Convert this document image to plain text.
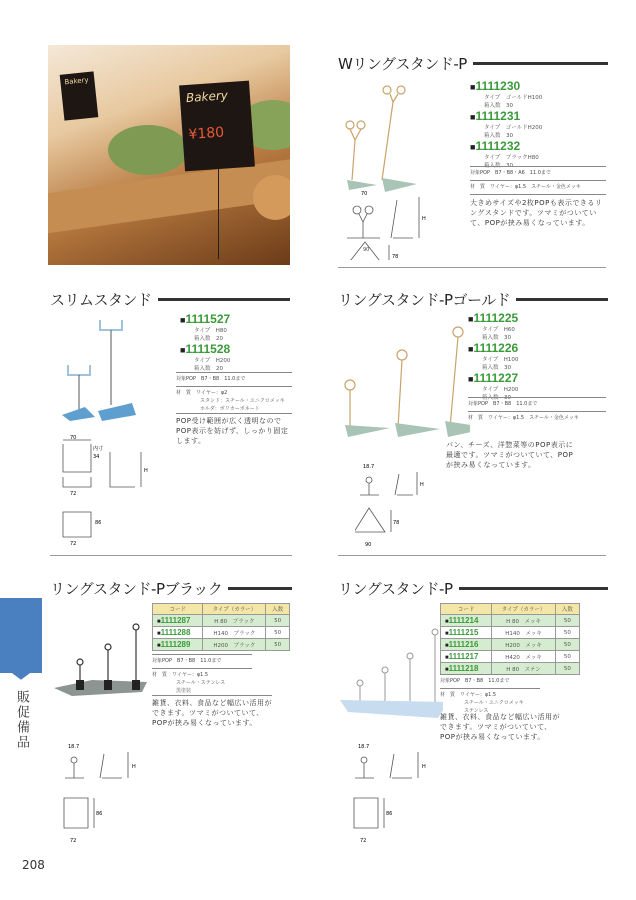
販促備品
208
Bakery
Bakery
¥180
Wリングスタンド-P
■ 1111230
タイプ　ゴールドH100
箱入数　30
■ 1111231
タイプ　ゴールドH200
箱入数　30
■ 1111232
タイプ　ブラックH80
箱入数　30
対象POP　B7・B8・A6　11.0まで
材　質　ワイヤー：φ1.5　スチール・金色メッキ
大きめサイズや2枚POPも表示できるリングスタンドです。ツマミがついていて、POPが挟み易くなっています。
70
H
78
90
スリムスタンド
■ 1111527
タイプ　H80
箱入数　20
■ 1111528
タイプ　H200
箱入数　20
対象POP　B7・B8　11.0まで
材　質　ワイヤー：φ2
スタンド：スチール・ユニクロメッキ
ホルダ：ポリカーボネート
POP受け範囲が広く透明なのでPOP表示を妨げず、しっかり固定します。
70
内寸
34
H
72
86
72
リングスタンド-Pゴールド
■ 1111225
タイプ　H60
箱入数　30
■ 1111226
タイプ　H100
箱入数　30
■ 1111227
タイプ　H200
箱入数　30
対象POP　B7・B8　11.0まで
材　質　ワイヤー：φ1.5　スチール・金色メッキ
パン、チーズ、洋惣菜等のPOP表示に最適です。ツマミがついていて、POPが挟み易くなっています。
18.7
H
78
90
リングスタンド-Pブラック
コード	タイプ（カラー）	入数
■ 1111287	H 80　ブラック	50
■ 1111288	H140　ブラック	50
■ 1111289	H200　ブラック	50
対象POP　B7・B8　11.0まで
材　質　ワイヤー：φ1.5
スチール・ステンレス
黒塗装
雑貨、衣料、食品など幅広い活用ができます。ツマミがついていて、POPが挟み易くなっています。
18.7
H
86
72
リングスタンド-P
コード	タイプ（カラー）	入数
■ 1111214	H 80　メッキ	50
■ 1111215	H140　メッキ	50
■ 1111216	H200　メッキ	50
■ 1111217	H420　メッキ	50
■ 1111218	H 80　ステン	50
対象POP　B7・B8　11.0まで
材　質　ワイヤー：φ1.5
スチール・ユニクロメッキ
ステンレス
雑貨、衣料、食品など幅広い活用ができます。ツマミがついていて、POPが挟み易くなっています。
18.7
H
86
72
